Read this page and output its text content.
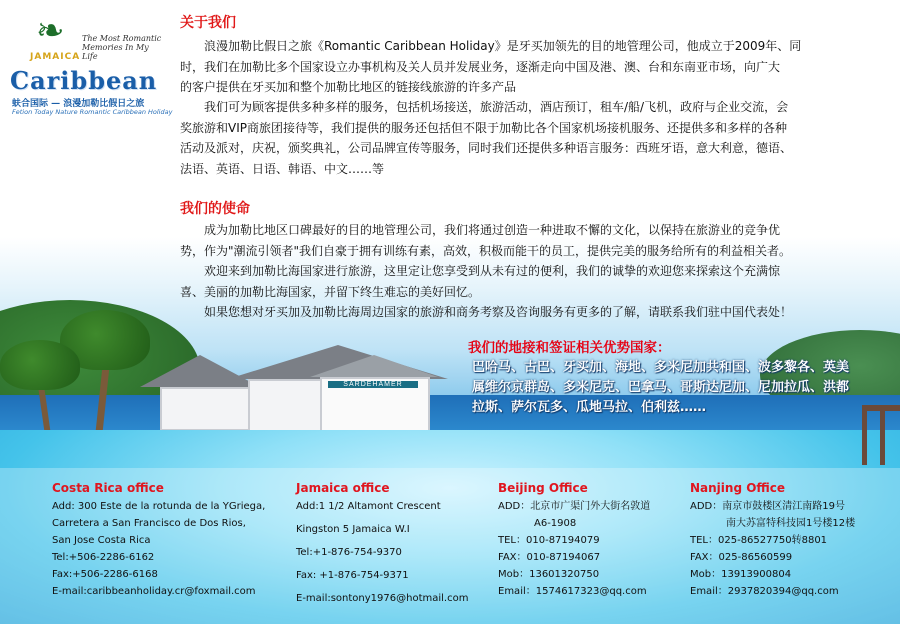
SARDEHAMER
❧
JAMAICA
The Most Romantic Memories In My Life
Caribbean
蚨合国际 — 浪漫加勒比假日之旅
Fetion Today Nature Romantic Caribbean Holiday
关于我们
浪漫加勒比假日之旅《Romantic Caribbean Holiday》是牙买加领先的目的地管理公司，他成立于2009年、同
时，我们在加勒比多个国家设立办事机构及关人员并发展业务，逐渐走向中国及港、澳、台和东南亚市场，向广大
的客户提供在牙买加和整个加勒比地区的链接线旅游的许多产品
我们可为顾客提供多种多样的服务，包括机场接送，旅游活动，酒店预订，租车/船/飞机，政府与企业交流，会
奖旅游和VIP商旅团接待等，我们提供的服务还包括但不限于加勒比各个国家机场接机服务、还提供多和多样的各种
活动及派对，庆祝，颁奖典礼，公司品牌宣传等服务，同时我们还提供多种语言服务：西班牙语，意大利意，德语、
法语、英语、日语、韩语、中文……等
我们的使命
成为加勒比地区口碑最好的目的地管理公司，我们将通过创造一种进取不懈的文化，以保持在旅游业的竞争优
势，作为"潮流引领者"我们自豪于拥有训练有素，高效，积极而能干的员工，提供完美的服务给所有的利益相关者。
欢迎来到加勒比海国家进行旅游，这里定让您享受到从未有过的便利，我们的诚挚的欢迎您来探索这个充满惊
喜、美丽的加勒比海国家，并留下终生难忘的美好回忆。
如果您想对牙买加及加勒比海周边国家的旅游和商务考察及咨询服务有更多的了解，请联系我们驻中国代表处！
我们的地接和签证相关优势国家：
巴哈马、古巴、牙买加、海地、多米尼加共和国、波多黎各、英美
属维尔京群岛、多米尼克、巴拿马、哥斯达尼加、尼加拉瓜、洪都
拉斯、萨尔瓦多、瓜地马拉、伯利兹……
Costa Rica office
Add: 300 Este de la rotunda de la YGriega,
Carretera a San Francisco de Dos Rios,
San Jose Costa Rica
Tel:+506-2286-6162
Fax:+506-2286-6168
E-mail:caribbeanholiday.cr@foxmail.com
Jamaica office
Add:1 1/2 Altamont Crescent
Kingston 5 Jamaica W.I
Tel:+1-876-754-9370
Fax: +1-876-754-9371
E-mail:sontony1976@hotmail.com
Beijing Office
ADD：北京市广渠门外大街名敦道
A6-1908
TEL：010-87194079
FAX：010-87194067
Mob：13601320750
Email：1574617323@qq.com
Nanjing Office
ADD：南京市鼓楼区清江南路19号
南大苏富特科技园1号楼12楼
TEL：025-86527750转8801
FAX：025-86560599
Mob：13913900804
Email：2937820394@qq.com
